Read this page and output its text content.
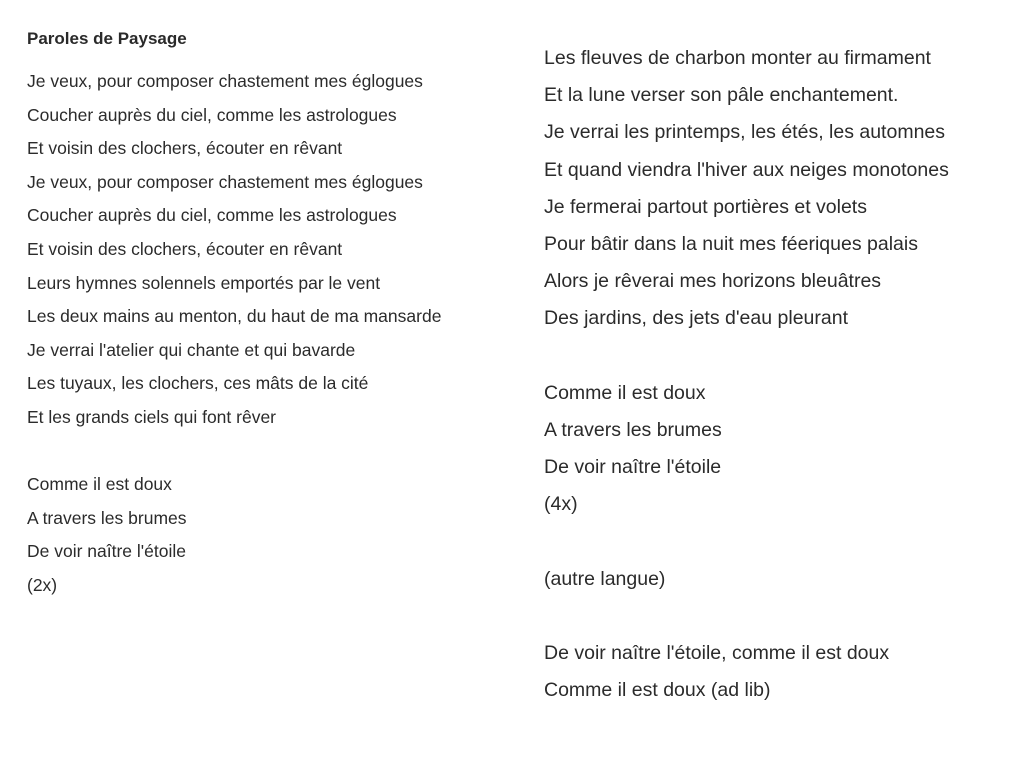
Paroles de Paysage
Je veux, pour composer chastement mes églogues
Coucher auprès du ciel, comme les astrologues
Et voisin des clochers, écouter en rêvant
Je veux, pour composer chastement mes églogues
Coucher auprès du ciel, comme les astrologues
Et voisin des clochers, écouter en rêvant
Leurs hymnes solennels emportés par le vent
Les deux mains au menton, du haut de ma mansarde
Je verrai l'atelier qui chante et qui bavarde
Les tuyaux, les clochers, ces mâts de la cité
Et les grands ciels qui font rêver
Comme il est doux
A travers les brumes
De voir naître l'étoile
(2x)
Les fleuves de charbon monter au firmament
Et la lune verser son pâle enchantement.
Je verrai les printemps, les étés, les automnes
Et quand viendra l'hiver aux neiges monotones
Je fermerai partout portières et volets
Pour bâtir dans la nuit mes féeriques palais
Alors je rêverai mes horizons bleuâtres
Des jardins, des jets d'eau pleurant
Comme il est doux
A travers les brumes
De voir naître l'étoile
(4x)
(autre langue)
De voir naître l'étoile, comme il est doux
Comme il est doux (ad lib)
